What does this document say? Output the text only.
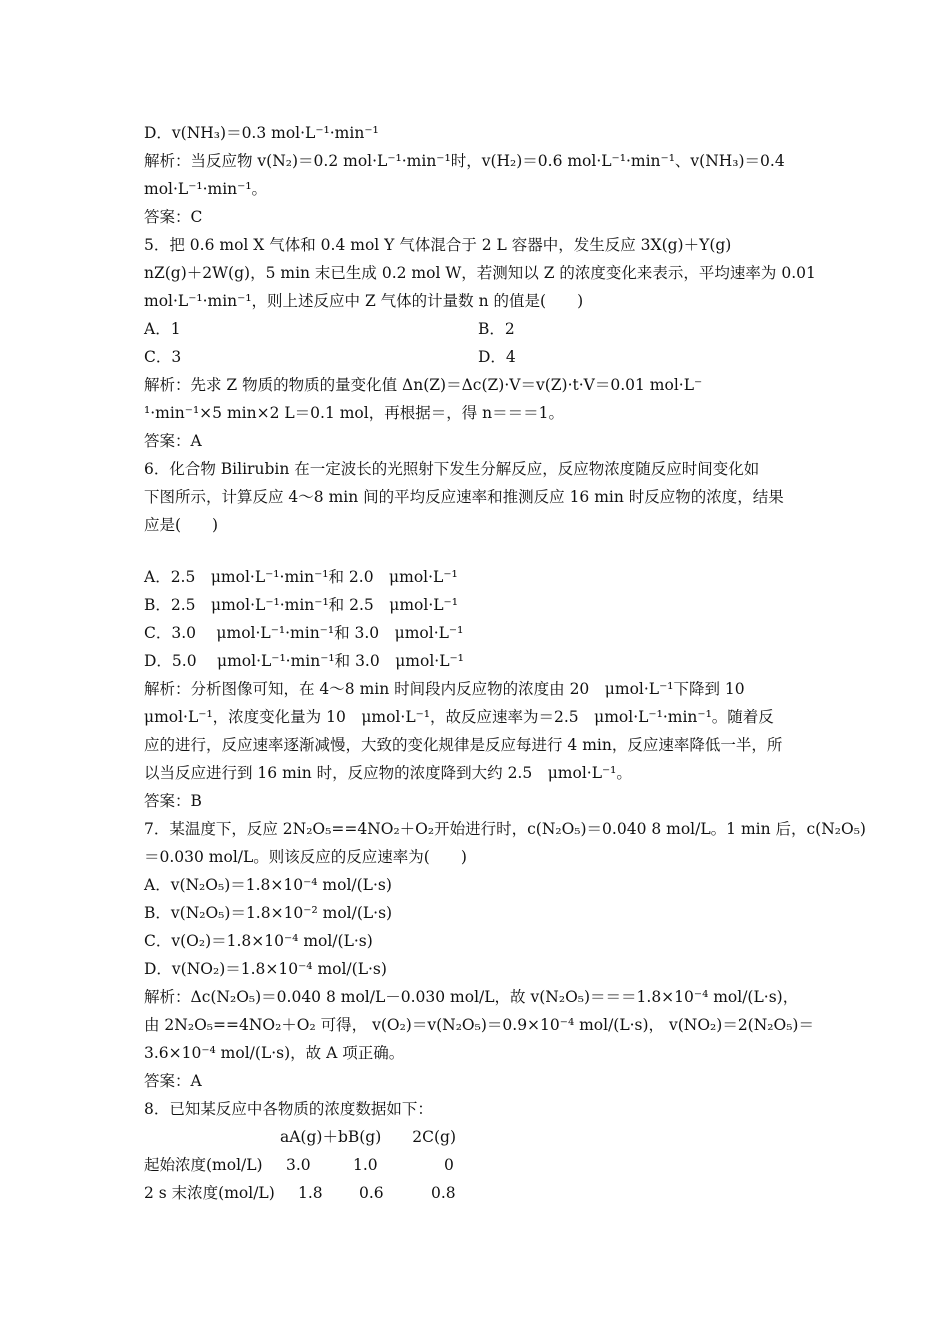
D．v(NH₃)＝0.3 mol·L⁻¹·min⁻¹
解析：当反应物 v(N₂)＝0.2 mol·L⁻¹·min⁻¹时，v(H₂)＝0.6 mol·L⁻¹·min⁻¹、v(NH₃)＝0.4
mol·L⁻¹·min⁻¹。
答案：C
5．把 0.6 mol X 气体和 0.4 mol Y 气体混合于 2 L 容器中，发生反应 3X(g)＋Y(g)
nZ(g)＋2W(g)，5 min 末已生成 0.2 mol W，若测知以 Z 的浓度变化来表示，平均速率为 0.01
mol·L⁻¹·min⁻¹，则上述反应中 Z 气体的计量数 n 的值是(　　)
A．1	B．2
C．3	D．4
解析：先求 Z 物质的物质的量变化值 Δn(Z)＝Δc(Z)·V＝v(Z)·t·V＝0.01 mol·L⁻
¹·min⁻¹×5 min×2 L＝0.1 mol，再根据＝，得 n＝＝＝1。
答案：A
6．化合物 Bilirubin 在一定波长的光照射下发生分解反应，反应物浓度随反应时间变化如
下图所示，计算反应 4～8 min 间的平均反应速率和推测反应 16 min 时反应物的浓度，结果
应是(　　)
A．2.5　μmol·L⁻¹·min⁻¹和 2.0　μmol·L⁻¹
B．2.5　μmol·L⁻¹·min⁻¹和 2.5　μmol·L⁻¹
C．3.0　 μmol·L⁻¹·min⁻¹和 3.0　μmol·L⁻¹
D．5.0　 μmol·L⁻¹·min⁻¹和 3.0　μmol·L⁻¹
解析：分析图像可知，在 4～8 min 时间段内反应物的浓度由 20　μmol·L⁻¹下降到 10
μmol·L⁻¹，浓度变化量为 10　μmol·L⁻¹，故反应速率为＝2.5　μmol·L⁻¹·min⁻¹。随着反
应的进行，反应速率逐渐减慢，大致的变化规律是反应每进行 4 min，反应速率降低一半，所
以当反应进行到 16 min 时，反应物的浓度降到大约 2.5　μmol·L⁻¹。
答案：B
7．某温度下，反应 2N₂O₅==4NO₂＋O₂开始进行时，c(N₂O₅)＝0.040 8 mol/L。1 min 后，c(N₂O₅)
＝0.030 mol/L。则该反应的反应速率为(　　)
A．v(N₂O₅)＝1.8×10⁻⁴ mol/(L·s)
B．v(N₂O₅)＝1.8×10⁻² mol/(L·s)
C．v(O₂)＝1.8×10⁻⁴ mol/(L·s)
D．v(NO₂)＝1.8×10⁻⁴ mol/(L·s)
解析：Δc(N₂O₅)＝0.040 8 mol/L－0.030 mol/L，故 v(N₂O₅)＝＝＝1.8×10⁻⁴ mol/(L·s)，
由 2N₂O₅==4NO₂＋O₂ 可得， v(O₂)＝v(N₂O₅)＝0.9×10⁻⁴ mol/(L·s)， v(NO₂)＝2(N₂O₅)＝
3.6×10⁻⁴ mol/(L·s)，故 A 项正确。
答案：A
8．已知某反应中各物质的浓度数据如下：
aA(g)＋bB(g)　　2C(g)
起始浓度(mol/L) 3.0	1.0	0
2 s 末浓度(mol/L) 1.8 0.6	0.8
